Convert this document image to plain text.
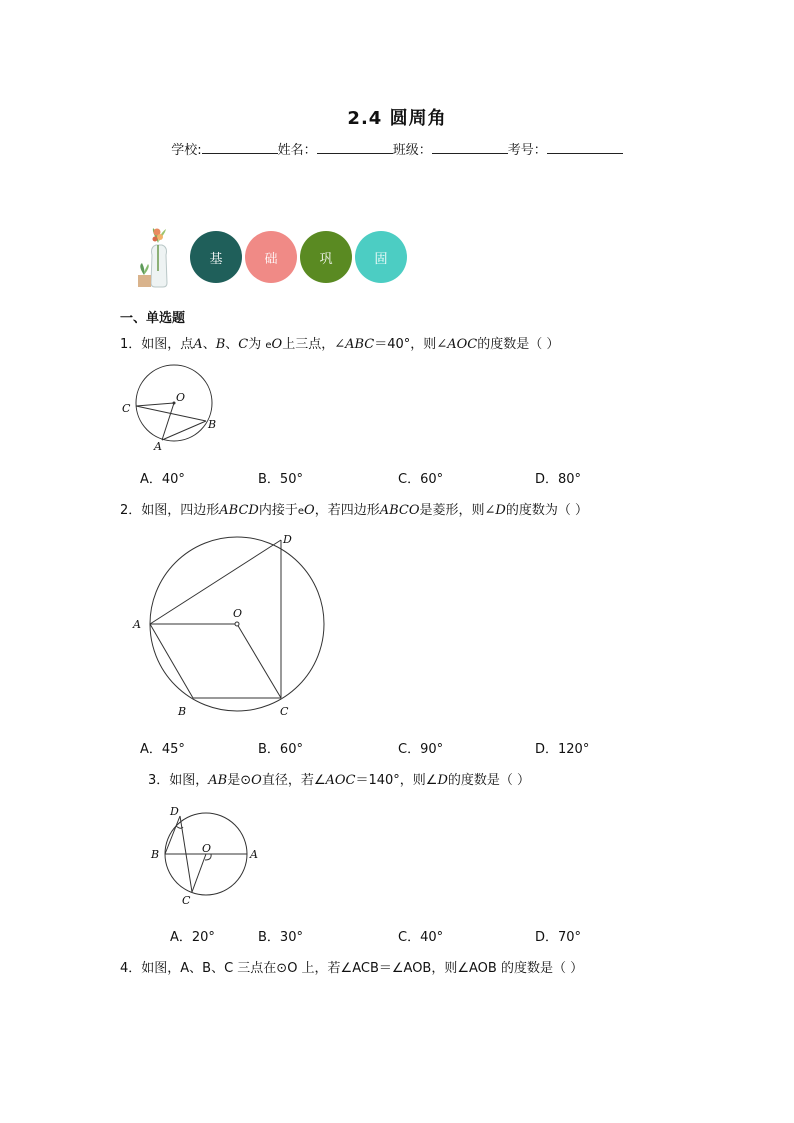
2.4 圆周角
学校:	姓名：	班级：	考号：
基	础	巩	固
一、单选题
1．如图，点A、B、C为 eO上三点，∠ABC＝40°，则∠AOC的度数是（ ）
O
C
B
A
A．40°	B．50°	C．60°	D．80°
2．如图，四边形ABCD内接于eO，若四边形ABCO是菱形，则∠D的度数为（ ）
D
O
A
B	C
A．45°	B．60°	C．90°	D．120°
3．如图，AB是⊙O直径，若∠AOC＝140°，则∠D的度数是（ ）
D
B	O	A
C
A．20°	B．30°	C．40°	D．70°
4．如图，A、B、C 三点在⊙O 上，若∠ACB＝∠AOB，则∠AOB 的度数是（ ）
